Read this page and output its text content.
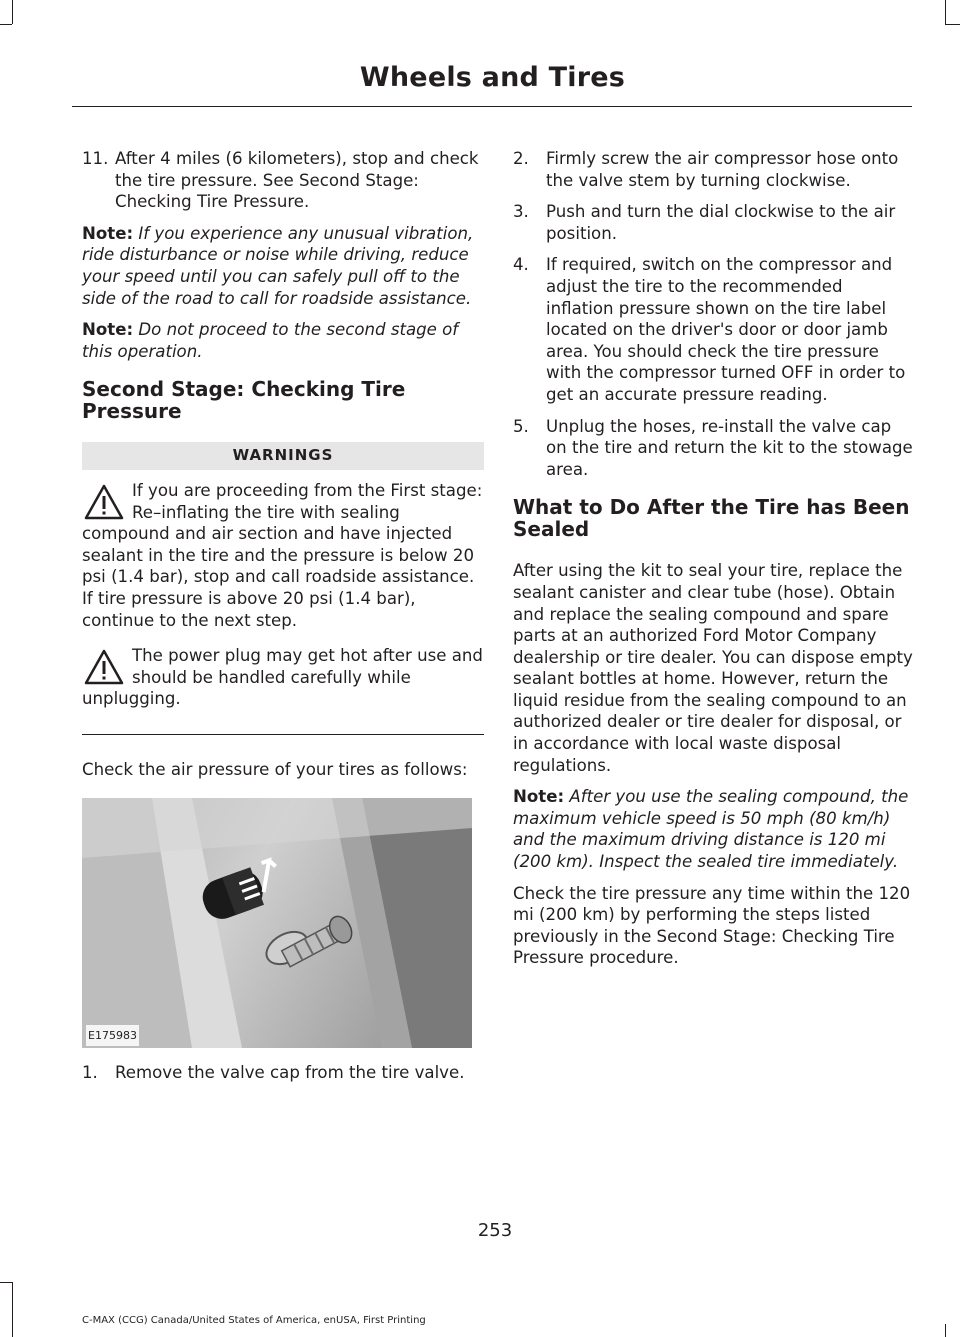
Wheels and Tires
11. After 4 miles (6 kilometers), stop and check the tire pressure. See Second Stage: Checking Tire Pressure.

Note: If you experience any unusual vibration, ride disturbance or noise while driving, reduce your speed until you can safely pull off to the side of the road to call for roadside assistance.

Note: Do not proceed to the second stage of this operation.

Second Stage: Checking Tire Pressure
WARNINGS

If you are proceeding from the First stage: Re–inflating the tire with sealing compound and air section and have injected sealant in the tire and the pressure is below 20 psi (1.4 bar), stop and call roadside assistance. If tire pressure is above 20 psi (1.4 bar), continue to the next step.

The power plug may get hot after use and should be handled carefully while unplugging.

Check the air pressure of your tires as follows:

E175983
1. Remove the valve cap from the tire valve.
2. Firmly screw the air compressor hose onto the valve stem by turning clockwise.
3. Push and turn the dial clockwise to the air position.
4. If required, switch on the compressor and adjust the tire to the recommended inflation pressure shown on the tire label located on the driver's door or door jamb area. You should check the tire pressure with the compressor turned OFF in order to get an accurate pressure reading.
5. Unplug the hoses, re-install the valve cap on the tire and return the kit to the stowage area.
What to Do After the Tire has Been Sealed

After using the kit to seal your tire, replace the sealant canister and clear tube (hose). Obtain and replace the sealing compound and spare parts at an authorized Ford Motor Company dealership or tire dealer. You can dispose empty sealant bottles at home. However, return the liquid residue from the sealing compound to an authorized dealer or tire dealer for disposal, or in accordance with local waste disposal regulations.

Note: After you use the sealing compound, the maximum vehicle speed is 50 mph (80 km/h) and the maximum driving distance is 120 mi (200 km). Inspect the sealed tire immediately.

Check the tire pressure any time within the 120 mi (200 km) by performing the steps listed previously in the Second Stage: Checking Tire Pressure procedure.

253
C-MAX (CCG) Canada/United States of America, enUSA, First Printing
